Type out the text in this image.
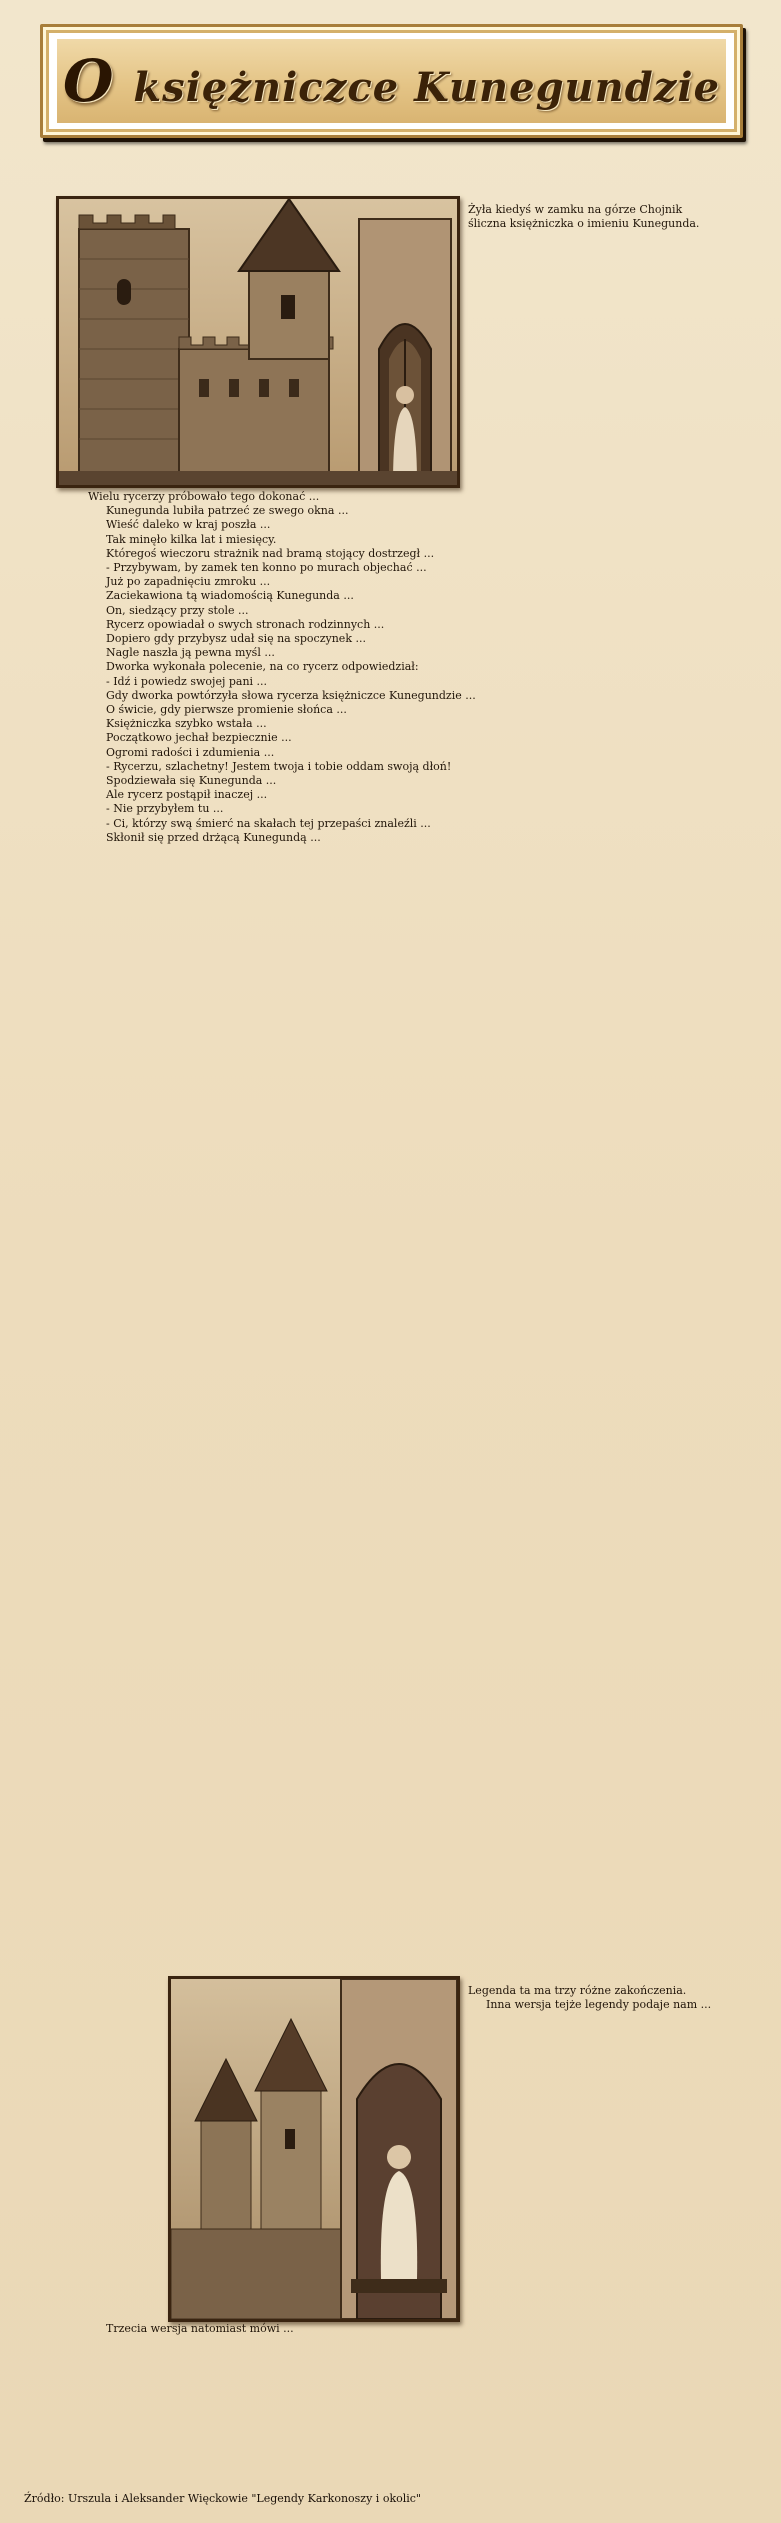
O księżniczce Kunegundzie

Żyła kiedyś w zamku na górze Chojnik śliczna księżniczka o imieniu Kunegunda.

Wielu rycerzy próbowało tego dokonać ...

Kunegunda lubiła patrzeć ze swego okna ...

Wieść daleko w kraj poszła ...

Tak minęło kilka lat i miesięcy.

Któregoś wieczoru strażnik nad bramą stojący dostrzegł ...

- Przybywam, by zamek ten konno po murach objechać ...

Już po zapadnięciu zmroku ...

Zaciekawiona tą wiadomością Kunegunda ...

On, siedzący przy stole ...

Rycerz opowiadał o swych stronach rodzinnych ...

Dopiero gdy przybysz udał się na spoczynek ...

Nagle naszła ją pewna myśl ...

Dworka wykonała polecenie, na co rycerz odpowiedział:

- Idź i powiedz swojej pani ...

Gdy dworka powtórzyła słowa rycerza księżniczce Kunegundzie ...

O świcie, gdy pierwsze promienie słońca ...

Księżniczka szybko wstała ...

Początkowo jechał bezpiecznie ...

Ogromi radości i zdumienia ...

- Rycerzu, szlachetny! Jestem twoja i tobie oddam swoją dłoń!

Spodziewała się Kunegunda ...

Ale rycerz postąpił inaczej ...

- Nie przybyłem tu ...

- Ci, którzy swą śmierć na skałach tej przepaści znaleźli ...

Skłonił się przed drżącą Kunegundą ...

Legenda ta ma trzy różne zakończenia.

Inna wersja tejże legendy podaje nam ...

Trzecia wersja natomiast mówi ...

Źródło: Urszula i Aleksander Więckowie "Legendy Karkonoszy i okolic"
